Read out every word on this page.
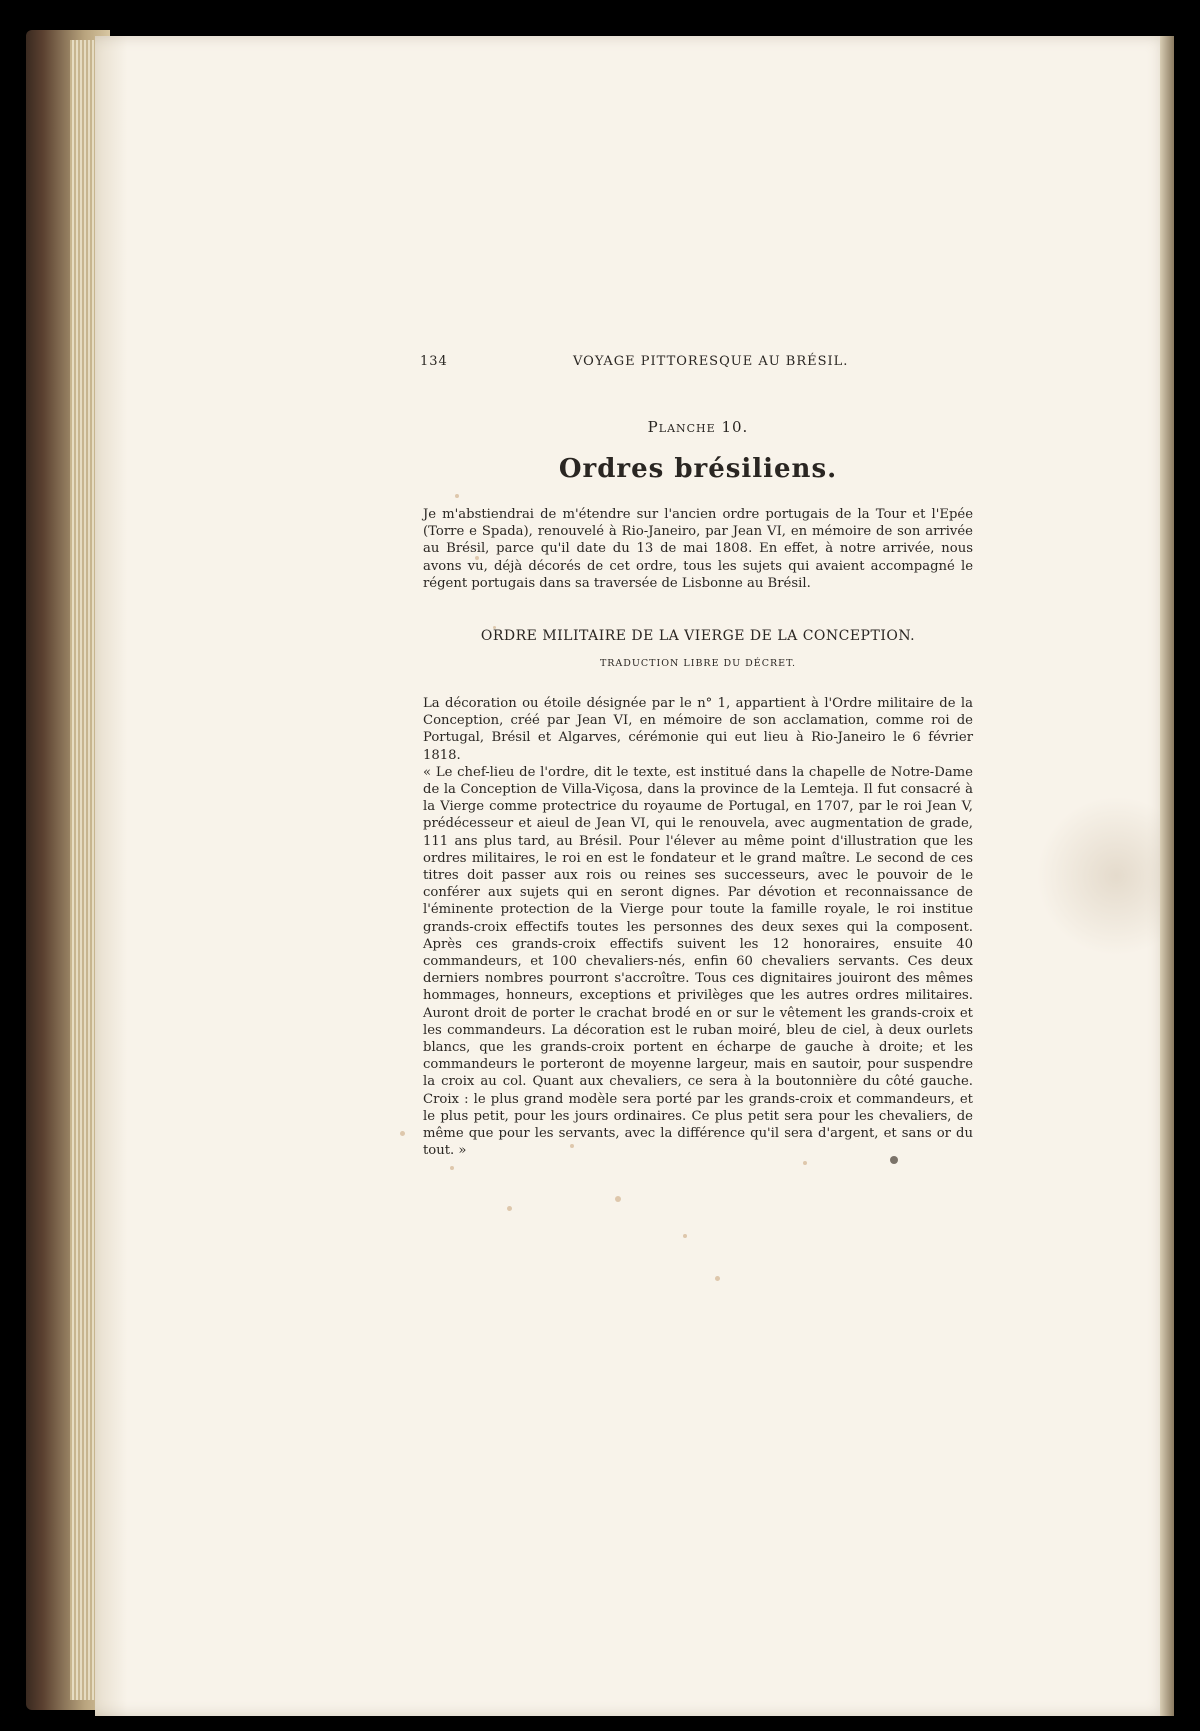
134	VOYAGE PITTORESQUE AU BRÉSIL.
Planche 10.
Ordres brésiliens.

Je m'abstiendrai de m'étendre sur l'ancien ordre portugais de la Tour et l'Epée (Torre e Spada), renouvelé à Rio-Janeiro, par Jean VI, en mémoire de son arrivée au Brésil, parce qu'il date du 13 de mai 1808. En effet, à notre arrivée, nous avons vu, déjà décorés de cet ordre, tous les sujets qui avaient accompagné le régent portugais dans sa traversée de Lisbonne au Brésil.

ORDRE MILITAIRE DE LA VIERGE DE LA CONCEPTION.
TRADUCTION LIBRE DU DÉCRET.

La décoration ou étoile désignée par le n° 1, appartient à l'Ordre militaire de la Conception, créé par Jean VI, en mémoire de son acclamation, comme roi de Portugal, Brésil et Algarves, cérémonie qui eut lieu à Rio-Janeiro le 6 février 1818.

« Le chef-lieu de l'ordre, dit le texte, est institué dans la chapelle de Notre-Dame de la Conception de Villa-Viçosa, dans la province de la Lemteja. Il fut consacré à la Vierge comme protectrice du royaume de Portugal, en 1707, par le roi Jean V, prédécesseur et aieul de Jean VI, qui le renouvela, avec augmentation de grade, 111 ans plus tard, au Brésil. Pour l'élever au même point d'illustration que les ordres militaires, le roi en est le fondateur et le grand maître. Le second de ces titres doit passer aux rois ou reines ses successeurs, avec le pouvoir de le conférer aux sujets qui en seront dignes. Par dévotion et reconnaissance de l'éminente protection de la Vierge pour toute la famille royale, le roi institue grands-croix effectifs toutes les personnes des deux sexes qui la composent. Après ces grands-croix effectifs suivent les 12 honoraires, ensuite 40 commandeurs, et 100 chevaliers-nés, enfin 60 chevaliers servants. Ces deux derniers nombres pourront s'accroître. Tous ces dignitaires jouiront des mêmes hommages, honneurs, exceptions et privilèges que les autres ordres militaires. Auront droit de porter le crachat brodé en or sur le vêtement les grands-croix et les commandeurs. La décoration est le ruban moiré, bleu de ciel, à deux ourlets blancs, que les grands-croix portent en écharpe de gauche à droite; et les commandeurs le porteront de moyenne largeur, mais en sautoir, pour suspendre la croix au col. Quant aux chevaliers, ce sera à la boutonnière du côté gauche. Croix : le plus grand modèle sera porté par les grands-croix et commandeurs, et le plus petit, pour les jours ordinaires. Ce plus petit sera pour les chevaliers, de même que pour les servants, avec la différence qu'il sera d'argent, et sans or du tout. »
